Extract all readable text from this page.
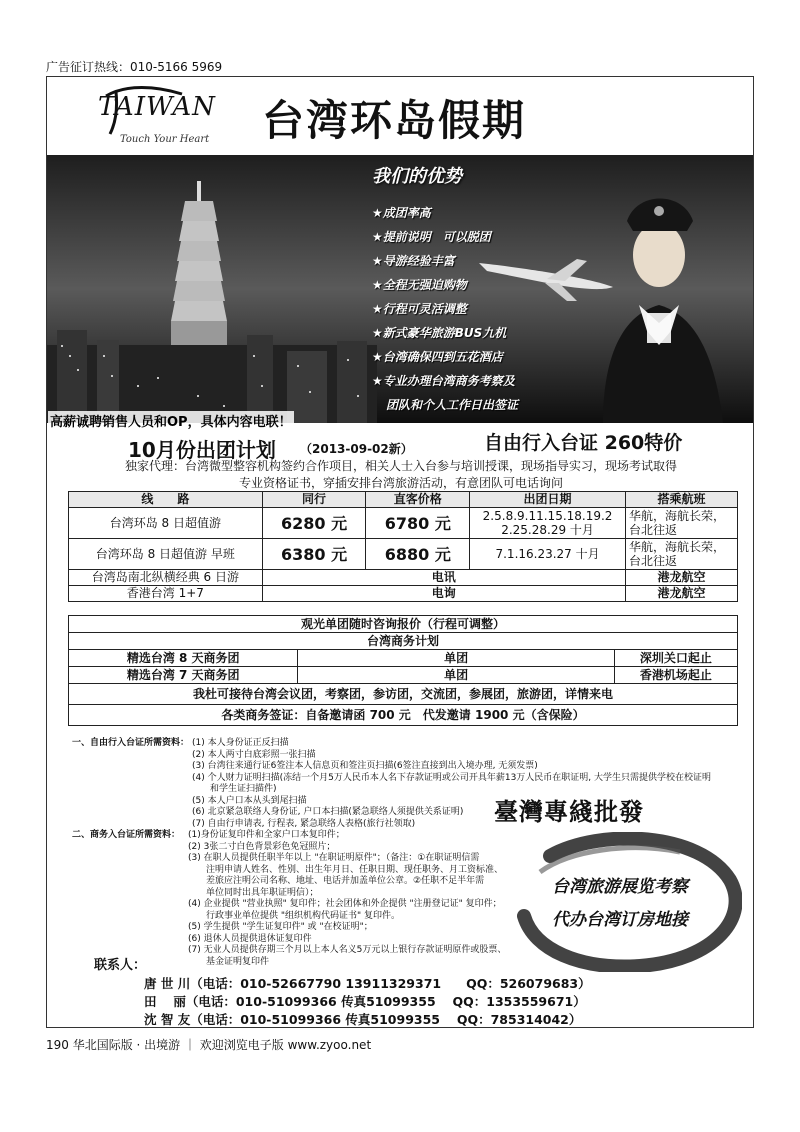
广告征订热线：010-5166 5969
TAIWAN
Touch Your Heart 台湾环岛假期
我们的优势
★成团率高
★提前说明　可以脱团
★导游经验丰富
★全程无强迫购物
★行程可灵活调整
★新式豪华旅游BUS九机
★台湾确保四到五花酒店
★专业办理台湾商务考察及
团队和个人工作日出签证
高薪诚聘销售人员和OP，具体内容电联！
10月份出团计划 （2013-09-02新）	自由行入台证 260特价
独家代理：台湾微型整容机构签约合作项目，相关人士入台参与培训授课，现场指导实习，现场考试取得
专业资格证书，穿插安排台湾旅游活动，有意团队可电话询问
线　　路	同行	直客价格	出团日期	搭乘航班
台湾环岛 8 日超值游	6280 元	6780 元	2.5.8.9.11.15.18.19.2 2.25.28.29 十月	华航，海航长荣，台北往返
台湾环岛 8 日超值游 早班	6380 元	6880 元	7.1.16.23.27 十月	华航，海航长荣，台北往返
台湾岛南北纵横经典 6 日游	电讯			港龙航空
香港台湾 1+7	电询			港龙航空
观光单团随时咨询报价（行程可调整）		
台湾商务计划		
精选台湾 8 天商务团	单团	深圳关口起止
精选台湾 7 天商务团	单团	香港机场起止
我杜可接待台湾会议团，考察团，参访团，交流团，参展团，旅游团，详情来电		
各类商务签证：自备邀请函 700 元　代发邀请 1900 元（含保险）		
一、自由行入台证所需资料： (1) 本人身份证正反扫描
(2) 本人两寸白底彩照一张扫描
(3) 台湾往来通行证6签注本人信息页和签注页扫描(6签注直接到出入境办理, 无须发票)
(4) 个人财力证明扫描(冻结一个月5万人民币本人名下存款证明或公司开具年薪13万人民币在职证明, 大学生只需提供学校在校证明
　　和学生证扫描件)
(5) 本人户口本从头到尾扫描
(6) 北京紧急联络人身份证, 户口本扫描(紧急联络人须提供关系证明)
(7) 自由行申请表, 行程表, 紧急联络人表格(旅行社领取)
二、商务入台证所需资料： (1)身份证复印件和全家户口本复印件；
(2) 3张二寸白色背景彩色免冠照片；
(3) 在职人员提供任职半年以上 "在职证明原件"；（备注：①在职证明信需
　　注明申请人姓名、性别、出生年月日、任职日期、现任职务、月工资标准、
　　差旅应注明公司名称、地址、电话并加盖单位公章。②任职不足半年需
　　单位同时出具年职证明信）；
(4) 企业提供 "营业执照" 复印件；社会团体和外企提供 "注册登记证" 复印件；
　　行政事业单位提供 "组织机构代码证书" 复印件。
(5) 学生提供 "学生证复印件" 或 "在校证明"；
(6) 退休人员提供退休证复印件
(7) 无业人员提供存期三个月以上本人名义5万元以上银行存款证明原件或股票、
　　基金证明复印件
臺灣專綫批發
台湾旅游展览考察
代办台湾订房地接
联系人：
唐 世 川（电话：010-52667790 13911329371　　QQ：526079683）
田　 丽（电话：010-51099366 传真51099355　 QQ：1353559671）
沈 智 友（电话：010-51099366 传真51099355　 QQ：785314042）
190 华北国际版 · 出境游 ｜ 欢迎浏览电子版 www.zyoo.net
